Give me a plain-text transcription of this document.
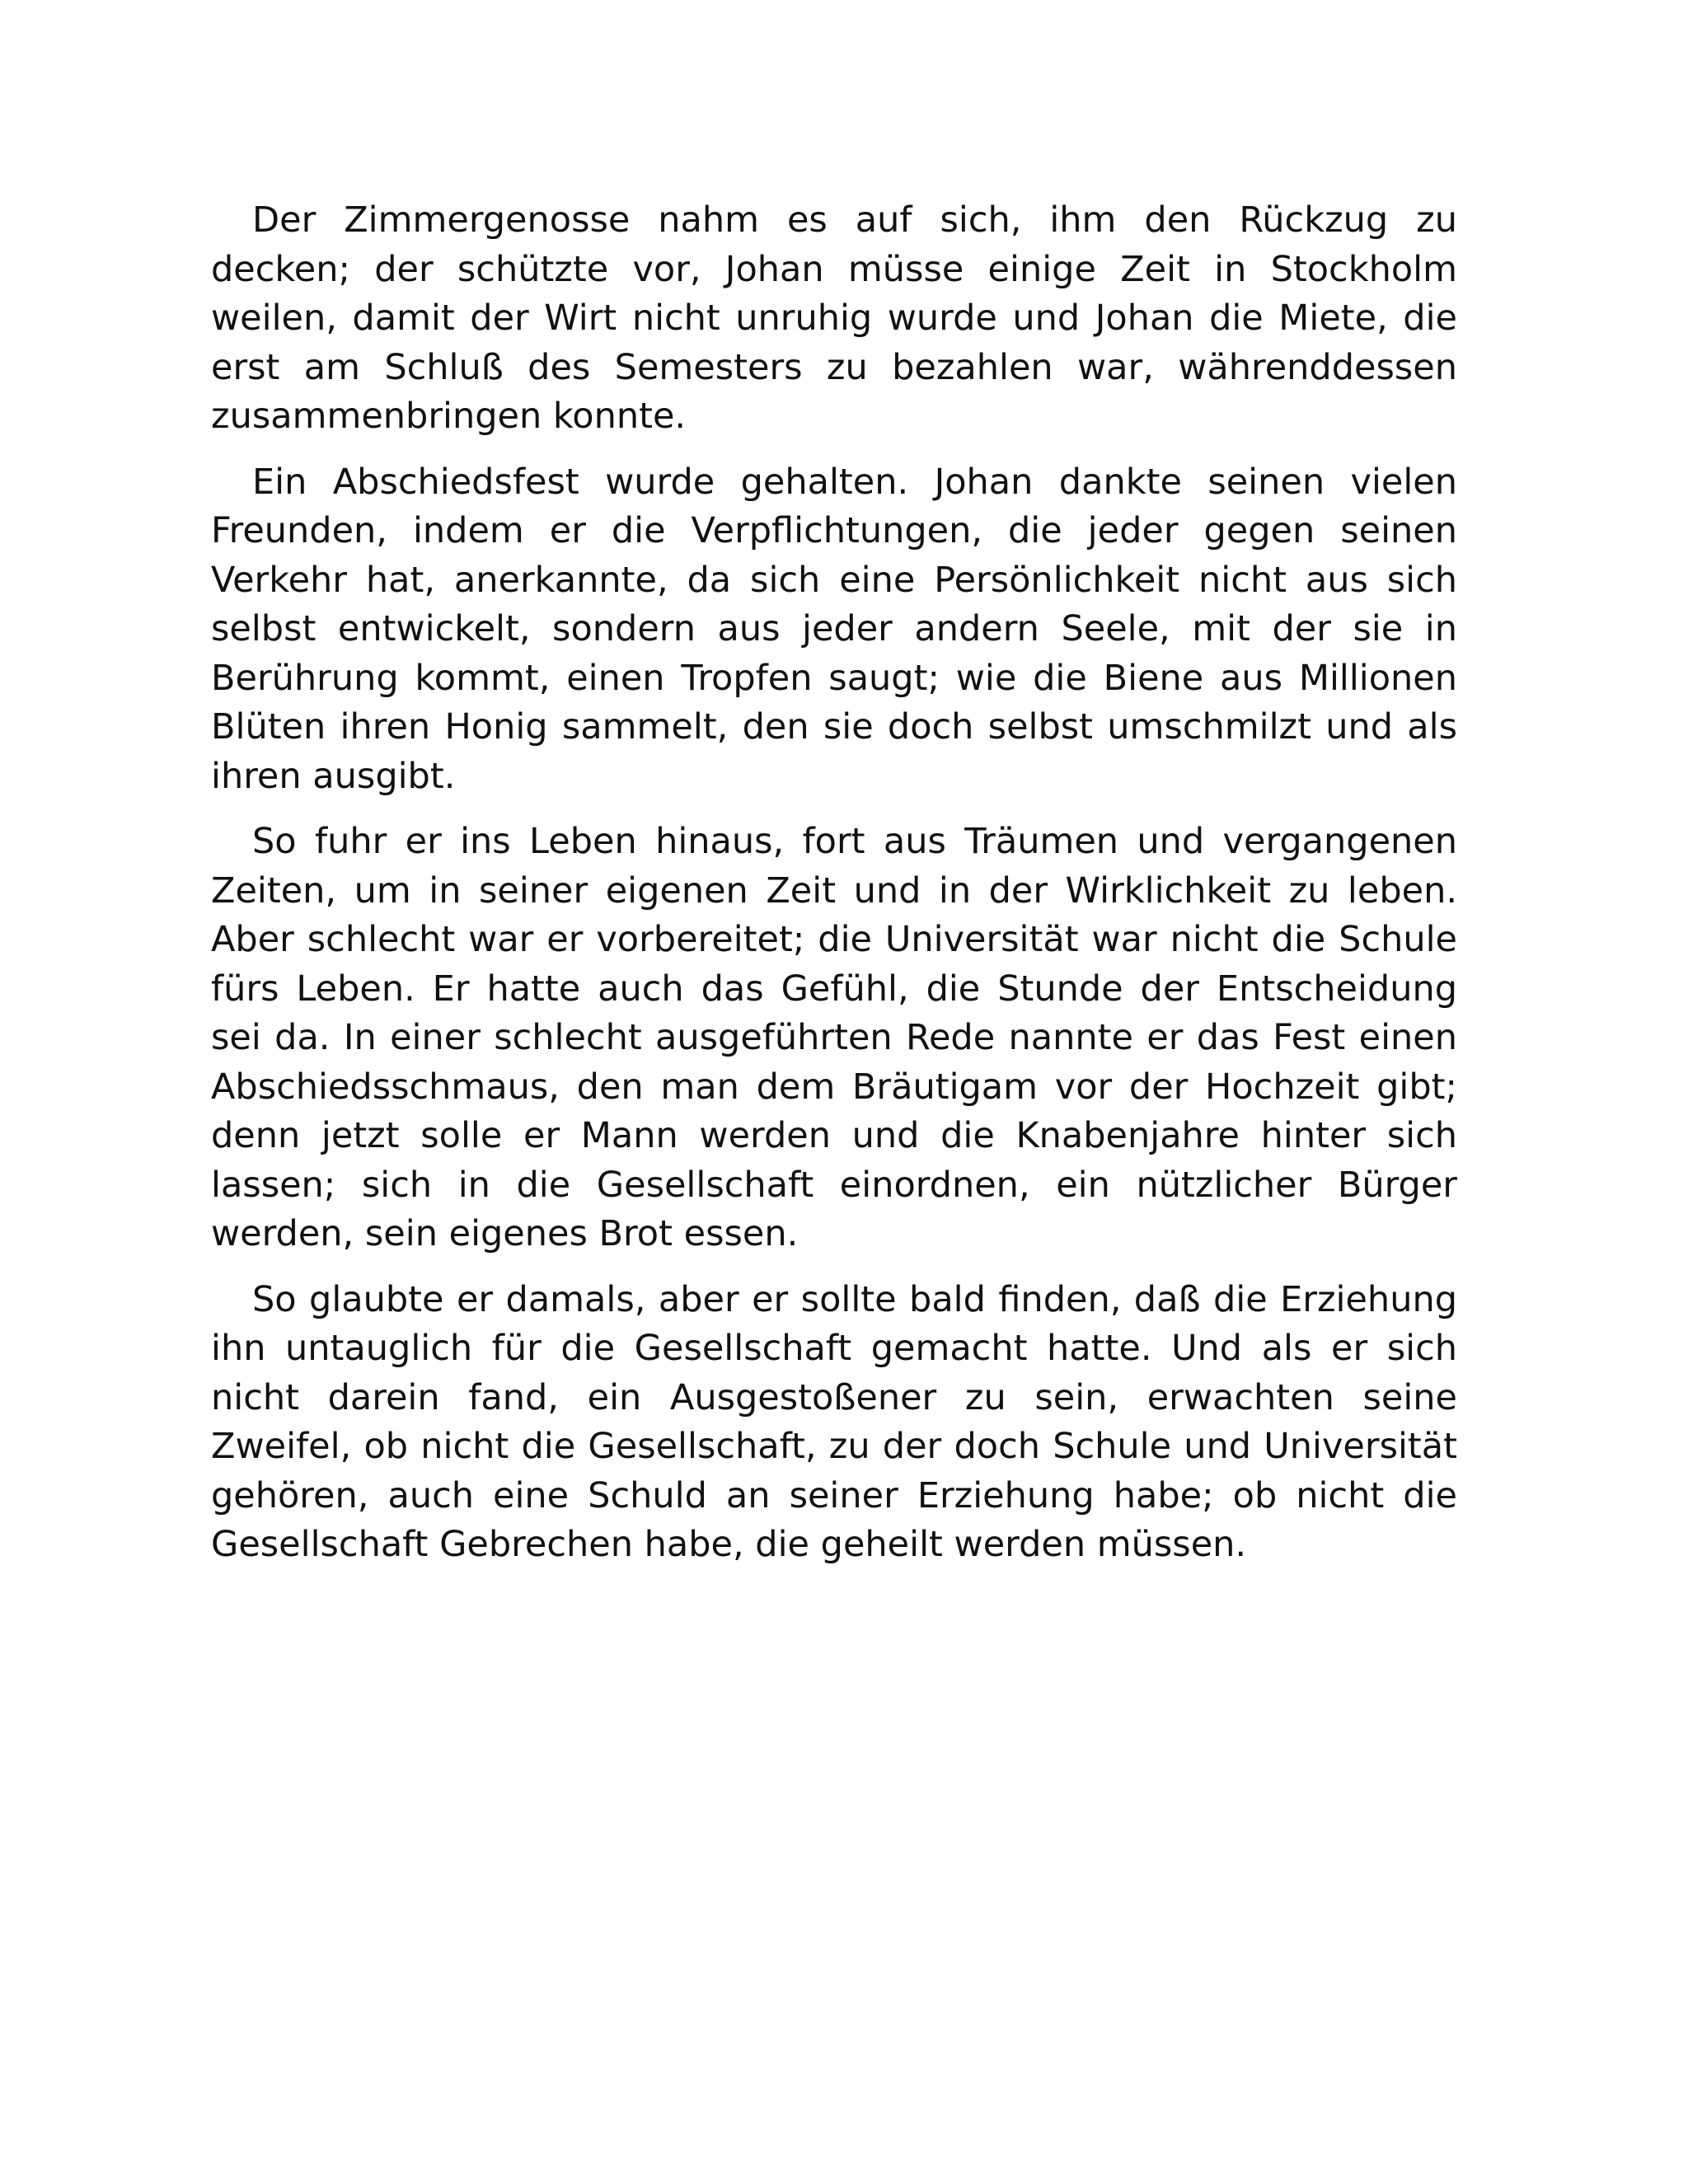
Der Zimmergenosse nahm es auf sich, ihm den Rückzug zu decken; der schützte vor, Johan müsse einige Zeit in Stockholm weilen, damit der Wirt nicht unruhig wurde und Johan die Miete, die erst am Schluß des Semesters zu bezahlen war, währenddessen zusammenbringen konnte.

Ein Abschiedsfest wurde gehalten. Johan dankte seinen vielen Freunden, indem er die Verpflichtungen, die jeder gegen seinen Verkehr hat, anerkannte, da sich eine Persönlichkeit nicht aus sich selbst entwickelt, sondern aus jeder andern Seele, mit der sie in Berührung kommt, einen Tropfen saugt; wie die Biene aus Millionen Blüten ihren Honig sammelt, den sie doch selbst umschmilzt und als ihren ausgibt.

So fuhr er ins Leben hinaus, fort aus Träumen und vergangenen Zeiten, um in seiner eigenen Zeit und in der Wirklichkeit zu leben. Aber schlecht war er vorbereitet; die Universität war nicht die Schule fürs Leben. Er hatte auch das Gefühl, die Stunde der Entscheidung sei da. In einer schlecht ausgeführten Rede nannte er das Fest einen Abschiedsschmaus, den man dem Bräutigam vor der Hochzeit gibt; denn jetzt solle er Mann werden und die Knabenjahre hinter sich lassen; sich in die Gesellschaft einordnen, ein nützlicher Bürger werden, sein eigenes Brot essen.

So glaubte er damals, aber er sollte bald finden, daß die Erziehung ihn untauglich für die Gesellschaft gemacht hatte. Und als er sich nicht darein fand, ein Ausgestoßener zu sein, erwachten seine Zweifel, ob nicht die Gesellschaft, zu der doch Schule und Universität gehören, auch eine Schuld an seiner Erziehung habe; ob nicht die Gesellschaft Gebrechen habe, die geheilt werden müssen.
